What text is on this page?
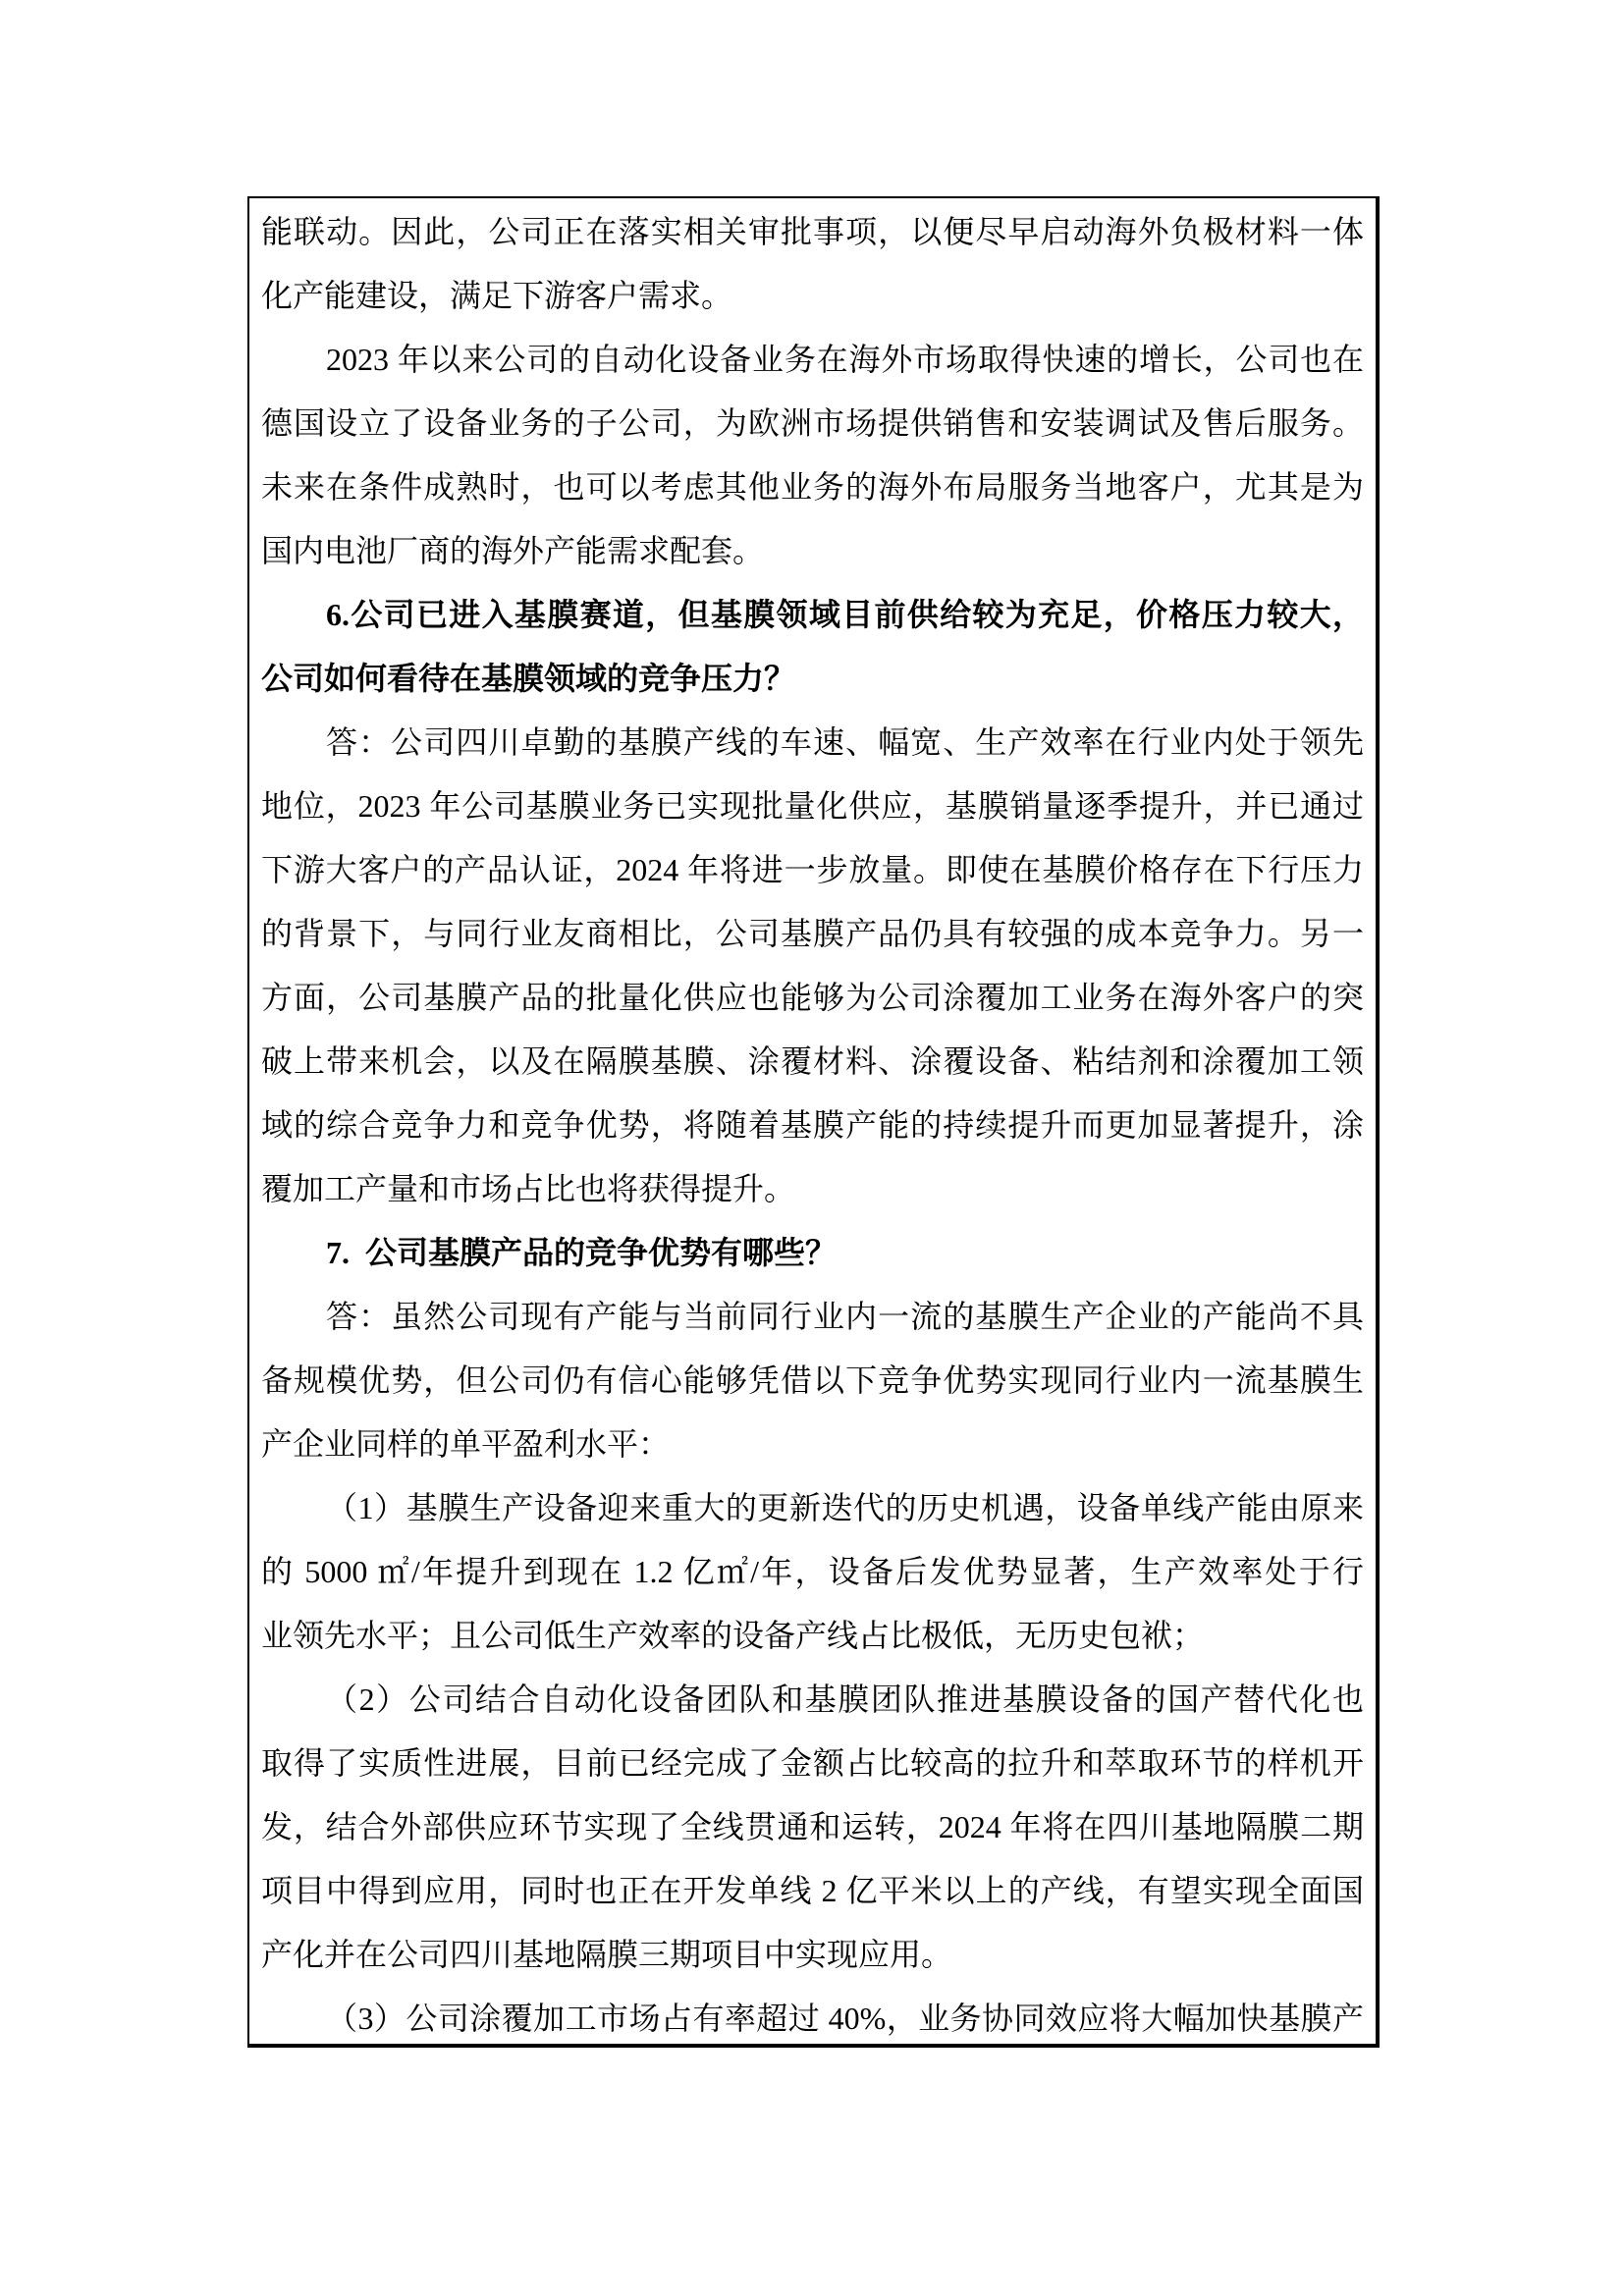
能联动。因此，公司正在落实相关审批事项，以便尽早启动海外负极材料一体
化产能建设，满足下游客户需求。
2023 年以来公司的自动化设备业务在海外市场取得快速的增长，公司也在
德国设立了设备业务的子公司，为欧洲市场提供销售和安装调试及售后服务。
未来在条件成熟时，也可以考虑其他业务的海外布局服务当地客户，尤其是为
国内电池厂商的海外产能需求配套。
6.公司已进入基膜赛道，但基膜领域目前供给较为充足，价格压力较大，
公司如何看待在基膜领域的竞争压力？
答：公司四川卓勤的基膜产线的车速、幅宽、生产效率在行业内处于领先
地位，2023 年公司基膜业务已实现批量化供应，基膜销量逐季提升，并已通过
下游大客户的产品认证，2024 年将进一步放量。即使在基膜价格存在下行压力
的背景下，与同行业友商相比，公司基膜产品仍具有较强的成本竞争力。另一
方面，公司基膜产品的批量化供应也能够为公司涂覆加工业务在海外客户的突
破上带来机会，以及在隔膜基膜、涂覆材料、涂覆设备、粘结剂和涂覆加工领
域的综合竞争力和竞争优势，将随着基膜产能的持续提升而更加显著提升，涂
覆加工产量和市场占比也将获得提升。
7. 公司基膜产品的竞争优势有哪些？
答：虽然公司现有产能与当前同行业内一流的基膜生产企业的产能尚不具
备规模优势，但公司仍有信心能够凭借以下竞争优势实现同行业内一流基膜生
产企业同样的单平盈利水平：
（1）基膜生产设备迎来重大的更新迭代的历史机遇，设备单线产能由原来
的 5000 ㎡/年提升到现在 1.2 亿㎡/年，设备后发优势显著，生产效率处于行
业领先水平；且公司低生产效率的设备产线占比极低，无历史包袱；
（2）公司结合自动化设备团队和基膜团队推进基膜设备的国产替代化也
取得了实质性进展，目前已经完成了金额占比较高的拉升和萃取环节的样机开
发，结合外部供应环节实现了全线贯通和运转，2024 年将在四川基地隔膜二期
项目中得到应用，同时也正在开发单线 2 亿平米以上的产线，有望实现全面国
产化并在公司四川基地隔膜三期项目中实现应用。
（3）公司涂覆加工市场占有率超过 40%，业务协同效应将大幅加快基膜产
